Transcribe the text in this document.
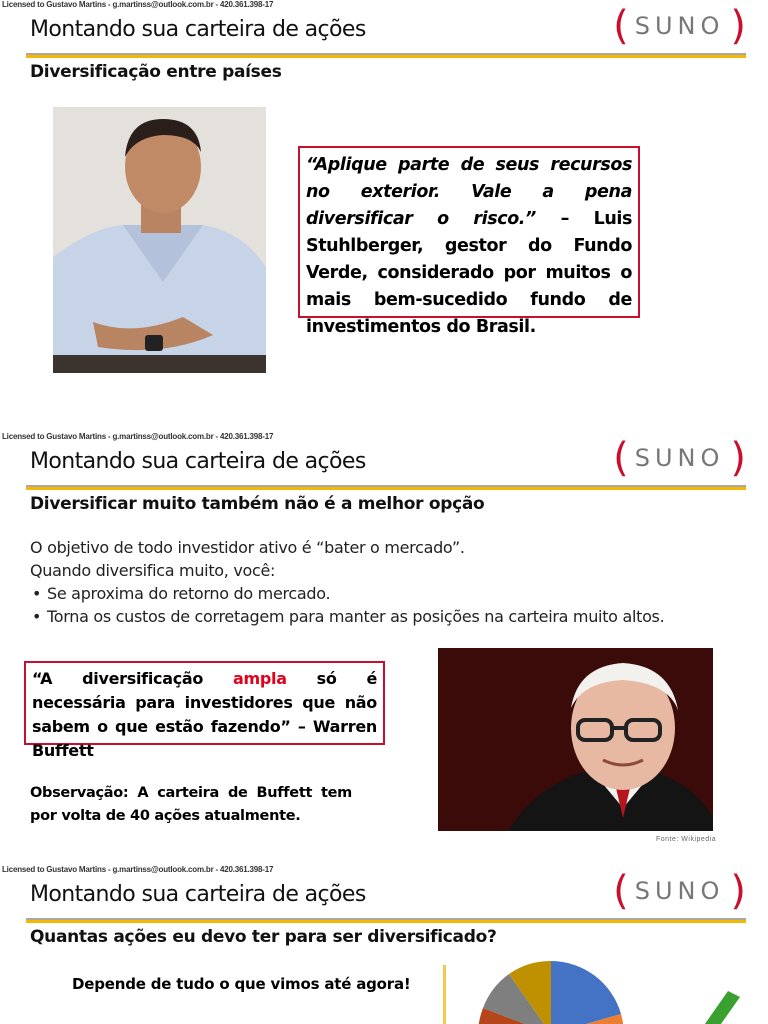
Licensed to Gustavo Martins - g.martinss@outlook.com.br - 420.361.398-17
Montando sua carteira de ações	( SUNO )
Diversificação entre países
“Aplique parte de seus recursos no exterior. Vale a pena diversificar o risco.” – Luis Stuhlberger, gestor do Fundo Verde, considerado por muitos o mais bem-sucedido fundo de investimentos do Brasil.
Licensed to Gustavo Martins - g.martinss@outlook.com.br - 420.361.398-17
Montando sua carteira de ações	( SUNO )
Diversificar muito também não é a melhor opção

O objetivo de todo investidor ativo é “bater o mercado”.

Quando diversifica muito, você:

• Se aproxima do retorno do mercado.
• Torna os custos de corretagem para manter as posições na carteira muito altos.
“A diversificação ampla só é necessária para investidores que não sabem o que estão fazendo” – Warren Buffett

Observação: A carteira de Buffett tem por volta de 40 ações atualmente.

Fonte: Wikipedia
Licensed to Gustavo Martins - g.martinss@outlook.com.br - 420.361.398-17
Montando sua carteira de ações	( SUNO )
Quantas ações eu devo ter para ser diversificado?

Depende de tudo o que vimos até agora!
